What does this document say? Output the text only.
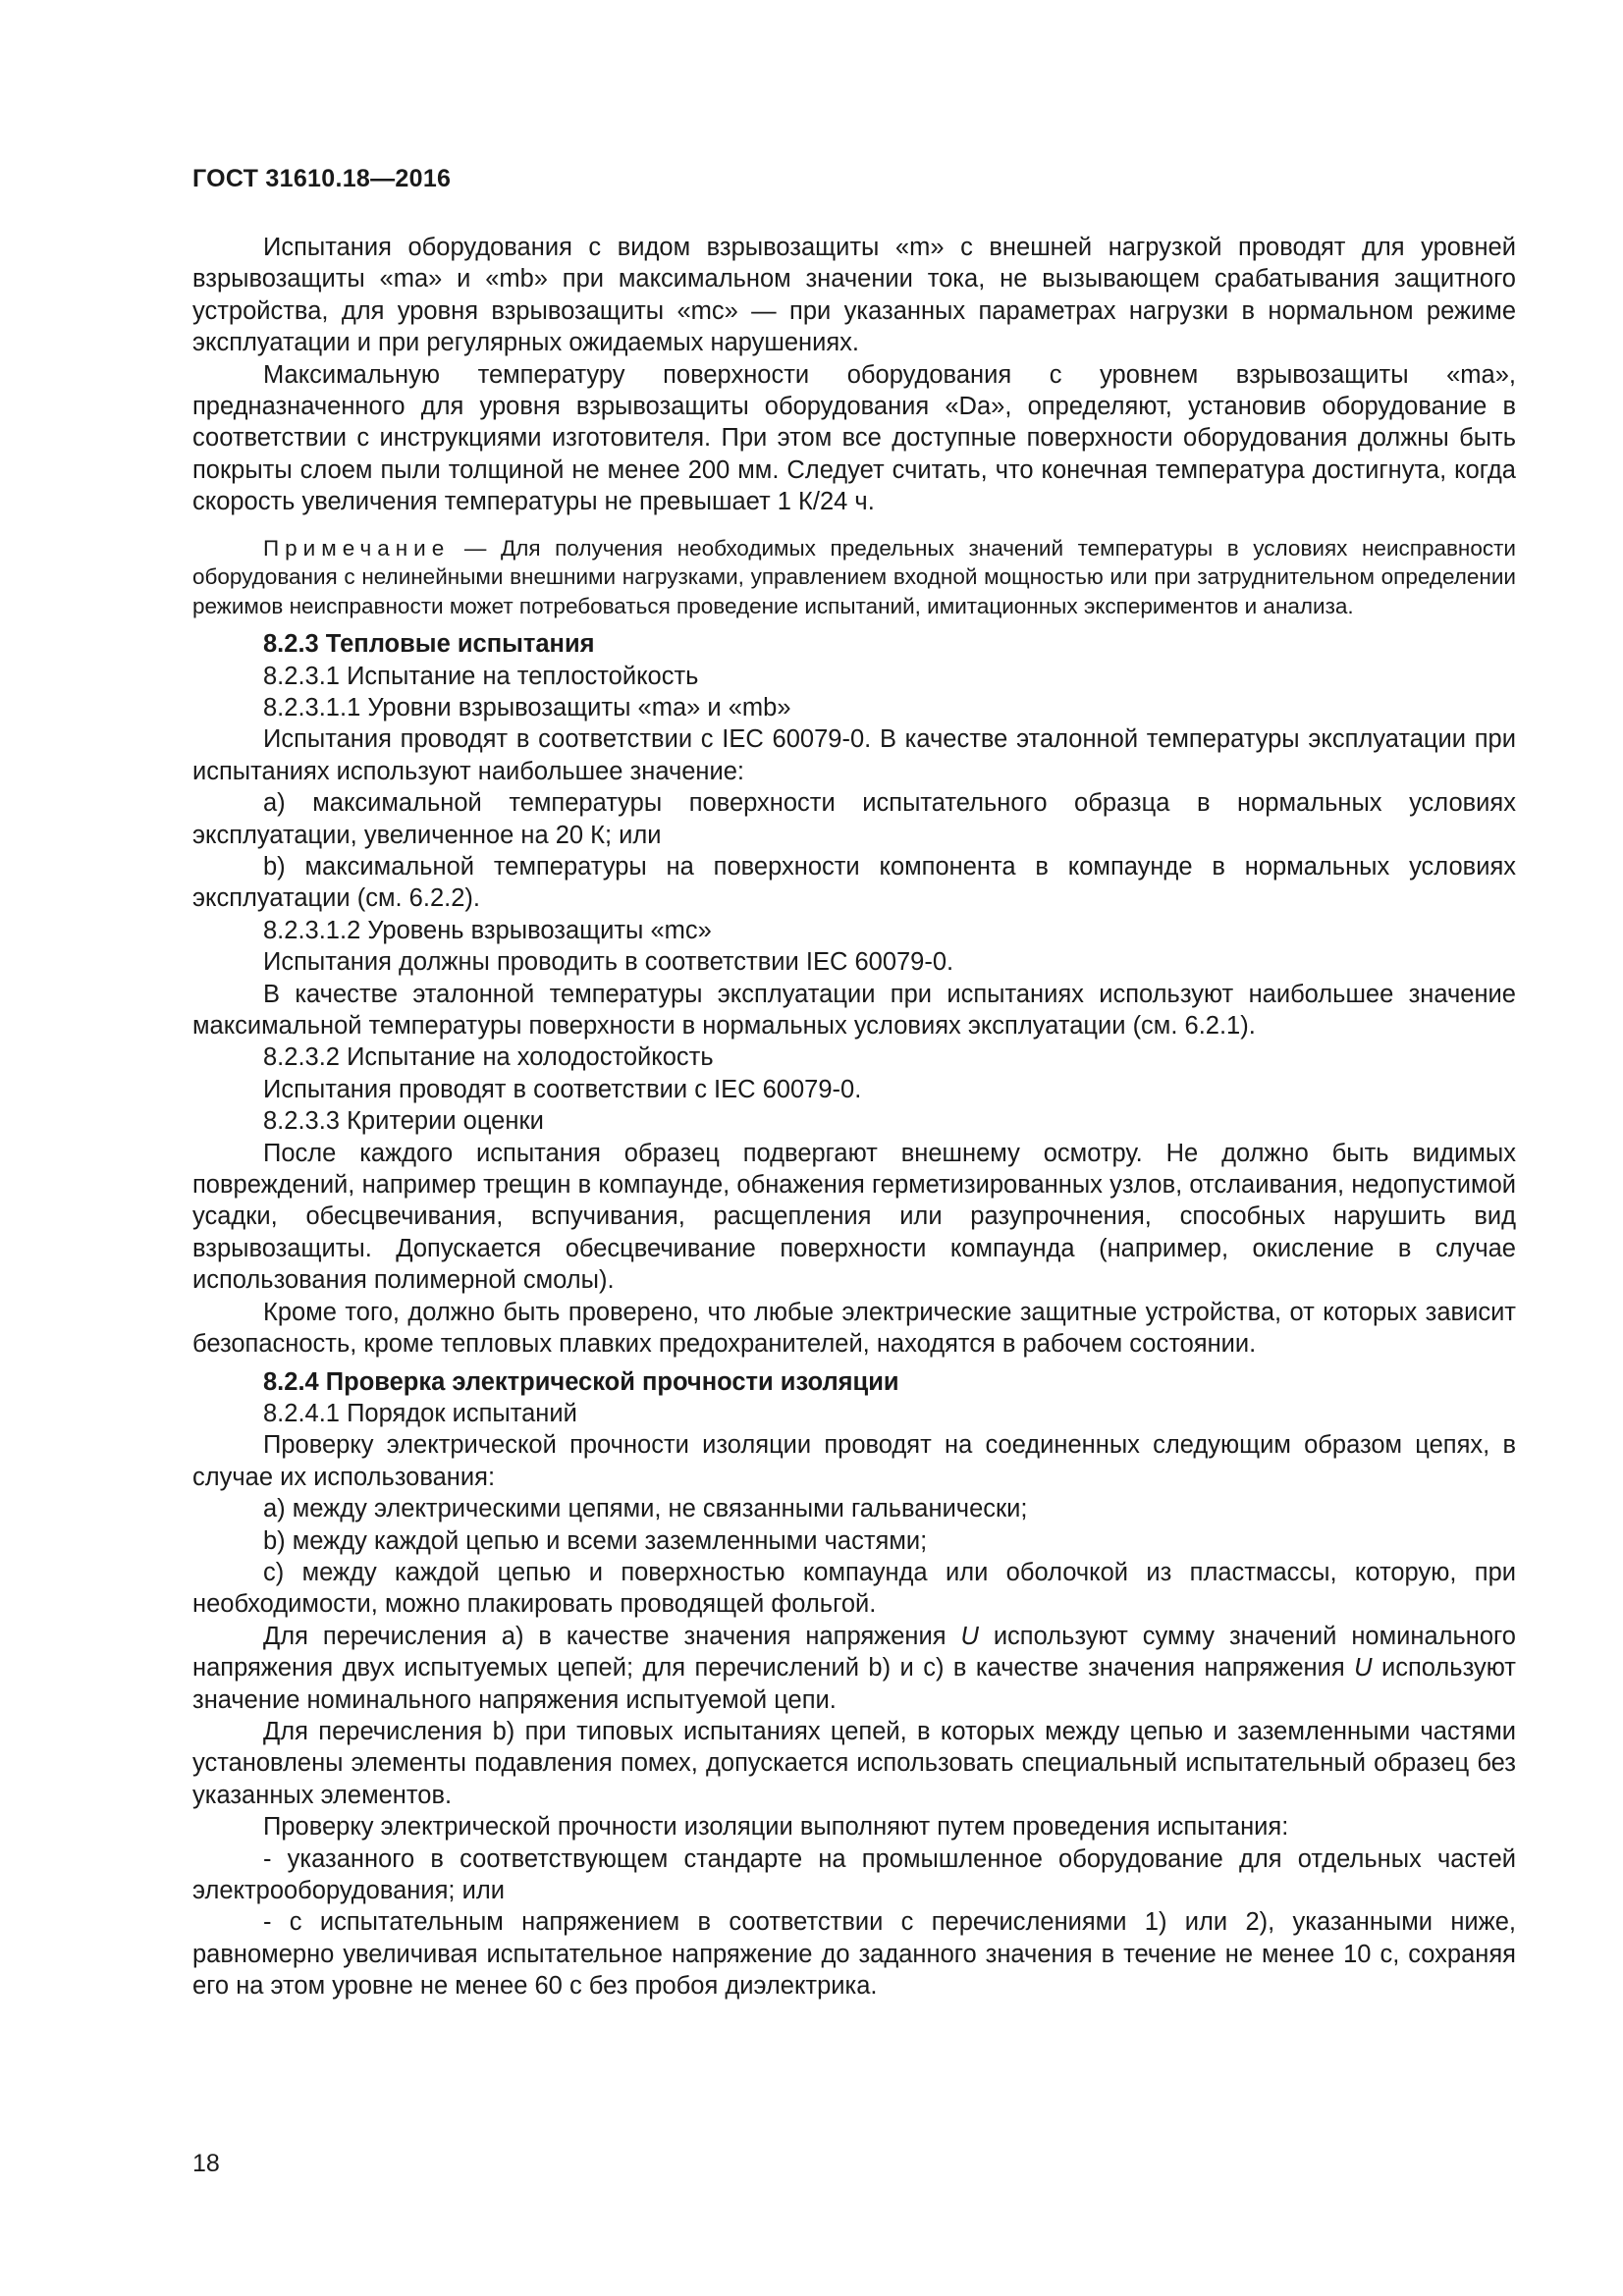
ГОСТ 31610.18—2016

Испытания оборудования с видом взрывозащиты «m» с внешней нагрузкой проводят для уровней взрывозащиты «ma» и «mb» при максимальном значении тока, не вызывающем срабатывания защитного устройства, для уровня взрывозащиты «mc» — при указанных параметрах нагрузки в нормальном режиме эксплуатации и при регулярных ожидаемых нарушениях.

Максимальную температуру поверхности оборудования с уровнем взрывозащиты «ma», предназначенного для уровня взрывозащиты оборудования «Da», определяют, установив оборудование в соответствии с инструкциями изготовителя. При этом все доступные поверхности оборудования должны быть покрыты слоем пыли толщиной не менее 200 мм. Следует считать, что конечная температура достигнута, когда скорость увеличения температуры не превышает 1 К/24 ч.

Примечание — Для получения необходимых предельных значений температуры в условиях неисправности оборудования с нелинейными внешними нагрузками, управлением входной мощностью или при затруднительном определении режимов неисправности может потребоваться проведение испытаний, имитационных экспериментов и анализа.

8.2.3 Тепловые испытания

8.2.3.1 Испытание на теплостойкость

8.2.3.1.1 Уровни взрывозащиты «ma» и «mb»

Испытания проводят в соответствии с IEC 60079-0. В качестве эталонной температуры эксплуатации при испытаниях используют наибольшее значение:

a) максимальной температуры поверхности испытательного образца в нормальных условиях эксплуатации, увеличенное на 20 К; или

b) максимальной температуры на поверхности компонента в компаунде в нормальных условиях эксплуатации (см. 6.2.2).

8.2.3.1.2 Уровень взрывозащиты «mc»

Испытания должны проводить в соответствии IEC 60079-0.

В качестве эталонной температуры эксплуатации при испытаниях используют наибольшее значение максимальной температуры поверхности в нормальных условиях эксплуатации (см. 6.2.1).

8.2.3.2 Испытание на холодостойкость

Испытания проводят в соответствии с IEC 60079-0.

8.2.3.3 Критерии оценки

После каждого испытания образец подвергают внешнему осмотру. Не должно быть видимых повреждений, например трещин в компаунде, обнажения герметизированных узлов, отслаивания, недопустимой усадки, обесцвечивания, вспучивания, расщепления или разупрочнения, способных нарушить вид взрывозащиты. Допускается обесцвечивание поверхности компаунда (например, окисление в случае использования полимерной смолы).

Кроме того, должно быть проверено, что любые электрические защитные устройства, от которых зависит безопасность, кроме тепловых плавких предохранителей, находятся в рабочем состоянии.

8.2.4 Проверка электрической прочности изоляции

8.2.4.1 Порядок испытаний

Проверку электрической прочности изоляции проводят на соединенных следующим образом цепях, в случае их использования:

a) между электрическими цепями, не связанными гальванически;

b) между каждой цепью и всеми заземленными частями;

c) между каждой цепью и поверхностью компаунда или оболочкой из пластмассы, которую, при необходимости, можно плакировать проводящей фольгой.

Для перечисления a) в качестве значения напряжения U используют сумму значений номинального напряжения двух испытуемых цепей; для перечислений b) и c) в качестве значения напряжения U используют значение номинального напряжения испытуемой цепи.

Для перечисления b) при типовых испытаниях цепей, в которых между цепью и заземленными частями установлены элементы подавления помех, допускается использовать специальный испытательный образец без указанных элементов.

Проверку электрической прочности изоляции выполняют путем проведения испытания:

- указанного в соответствующем стандарте на промышленное оборудование для отдельных частей электрооборудования; или

- с испытательным напряжением в соответствии с перечислениями 1) или 2), указанными ниже, равномерно увеличивая испытательное напряжение до заданного значения в течение не менее 10 с, сохраняя его на этом уровне не менее 60 с без пробоя диэлектрика.

18
